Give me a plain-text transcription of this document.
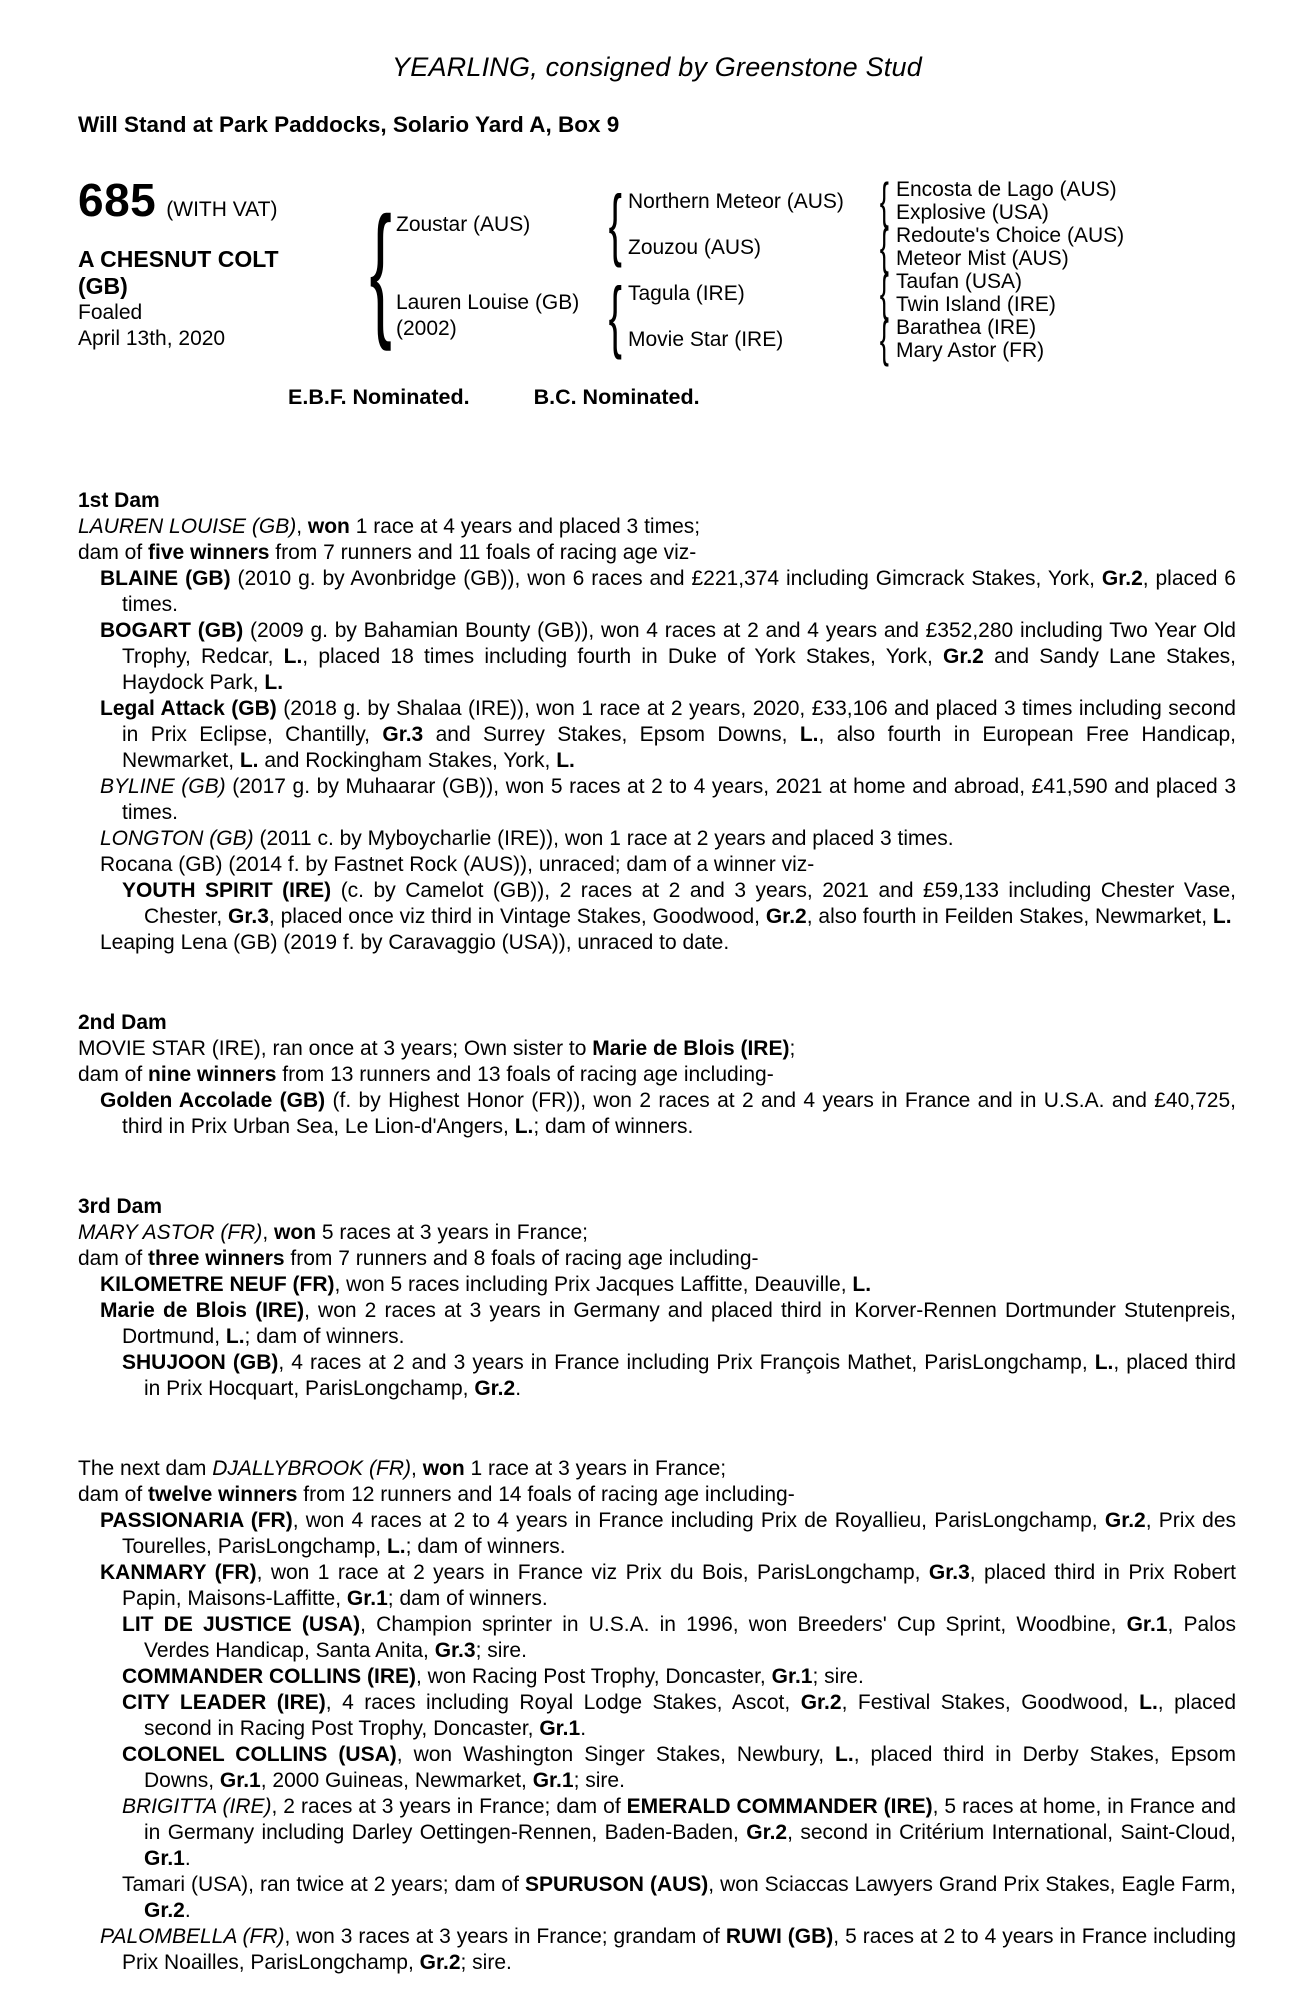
YEARLING, consigned by Greenstone Stud
Will Stand at Park Paddocks, Solario Yard A, Box 9
685 (WITH VAT)
A CHESNUT COLT
(GB)
Foaled
April 13th, 2020 { Zoustar (AUS)
Lauren Louise (GB)
(2002)
{
{
Northern Meteor (AUS)
Zouzou (AUS)
Tagula (IRE)
Movie Star (IRE)
{
{
{
{
Encosta de Lago (AUS)
Explosive (USA)
Redoute's Choice (AUS)
Meteor Mist (AUS)
Taufan (USA)
Twin Island (IRE)
Barathea (IRE)
Mary Astor (FR)
E.B.F. Nominated.	B.C. Nominated.
1st Dam

LAUREN LOUISE (GB), won 1 race at 4 years and placed 3 times;

dam of five winners from 7 runners and 11 foals of racing age viz-

BLAINE (GB) (2010 g. by Avonbridge (GB)), won 6 races and £221,374 including Gimcrack Stakes, York, Gr.2, placed 6 times.

BOGART (GB) (2009 g. by Bahamian Bounty (GB)), won 4 races at 2 and 4 years and £352,280 including Two Year Old Trophy, Redcar, L., placed 18 times including fourth in Duke of York Stakes, York, Gr.2 and Sandy Lane Stakes, Haydock Park, L.

Legal Attack (GB) (2018 g. by Shalaa (IRE)), won 1 race at 2 years, 2020, £33,106 and placed 3 times including second in Prix Eclipse, Chantilly, Gr.3 and Surrey Stakes, Epsom Downs, L., also fourth in European Free Handicap, Newmarket, L. and Rockingham Stakes, York, L.

BYLINE (GB) (2017 g. by Muhaarar (GB)), won 5 races at 2 to 4 years, 2021 at home and abroad, £41,590 and placed 3 times.

LONGTON (GB) (2011 c. by Myboycharlie (IRE)), won 1 race at 2 years and placed 3 times.

Rocana (GB) (2014 f. by Fastnet Rock (AUS)), unraced; dam of a winner viz-

YOUTH SPIRIT (IRE) (c. by Camelot (GB)), 2 races at 2 and 3 years, 2021 and £59,133 including Chester Vase, Chester, Gr.3, placed once viz third in Vintage Stakes, Goodwood, Gr.2, also fourth in Feilden Stakes, Newmarket, L.

Leaping Lena (GB) (2019 f. by Caravaggio (USA)), unraced to date.

2nd Dam

MOVIE STAR (IRE), ran once at 3 years; Own sister to Marie de Blois (IRE);

dam of nine winners from 13 runners and 13 foals of racing age including-

Golden Accolade (GB) (f. by Highest Honor (FR)), won 2 races at 2 and 4 years in France and in U.S.A. and £40,725, third in Prix Urban Sea, Le Lion-d'Angers, L.; dam of winners.

3rd Dam

MARY ASTOR (FR), won 5 races at 3 years in France;

dam of three winners from 7 runners and 8 foals of racing age including-

KILOMETRE NEUF (FR), won 5 races including Prix Jacques Laffitte, Deauville, L.

Marie de Blois (IRE), won 2 races at 3 years in Germany and placed third in Korver-Rennen Dortmunder Stutenpreis, Dortmund, L.; dam of winners.

SHUJOON (GB), 4 races at 2 and 3 years in France including Prix François Mathet, ParisLongchamp, L., placed third in Prix Hocquart, ParisLongchamp, Gr.2.

The next dam DJALLYBROOK (FR), won 1 race at 3 years in France;

dam of twelve winners from 12 runners and 14 foals of racing age including-

PASSIONARIA (FR), won 4 races at 2 to 4 years in France including Prix de Royallieu, ParisLongchamp, Gr.2, Prix des Tourelles, ParisLongchamp, L.; dam of winners.

KANMARY (FR), won 1 race at 2 years in France viz Prix du Bois, ParisLongchamp, Gr.3, placed third in Prix Robert Papin, Maisons-Laffitte, Gr.1; dam of winners.

LIT DE JUSTICE (USA), Champion sprinter in U.S.A. in 1996, won Breeders' Cup Sprint, Woodbine, Gr.1, Palos Verdes Handicap, Santa Anita, Gr.3; sire.

COMMANDER COLLINS (IRE), won Racing Post Trophy, Doncaster, Gr.1; sire.

CITY LEADER (IRE), 4 races including Royal Lodge Stakes, Ascot, Gr.2, Festival Stakes, Goodwood, L., placed second in Racing Post Trophy, Doncaster, Gr.1.

COLONEL COLLINS (USA), won Washington Singer Stakes, Newbury, L., placed third in Derby Stakes, Epsom Downs, Gr.1, 2000 Guineas, Newmarket, Gr.1; sire.

BRIGITTA (IRE), 2 races at 3 years in France; dam of EMERALD COMMANDER (IRE), 5 races at home, in France and in Germany including Darley Oettingen-Rennen, Baden-Baden, Gr.2, second in Critérium International, Saint-Cloud, Gr.1.

Tamari (USA), ran twice at 2 years; dam of SPURUSON (AUS), won Sciaccas Lawyers Grand Prix Stakes, Eagle Farm, Gr.2.

PALOMBELLA (FR), won 3 races at 3 years in France; grandam of RUWI (GB), 5 races at 2 to 4 years in France including Prix Noailles, ParisLongchamp, Gr.2; sire.
